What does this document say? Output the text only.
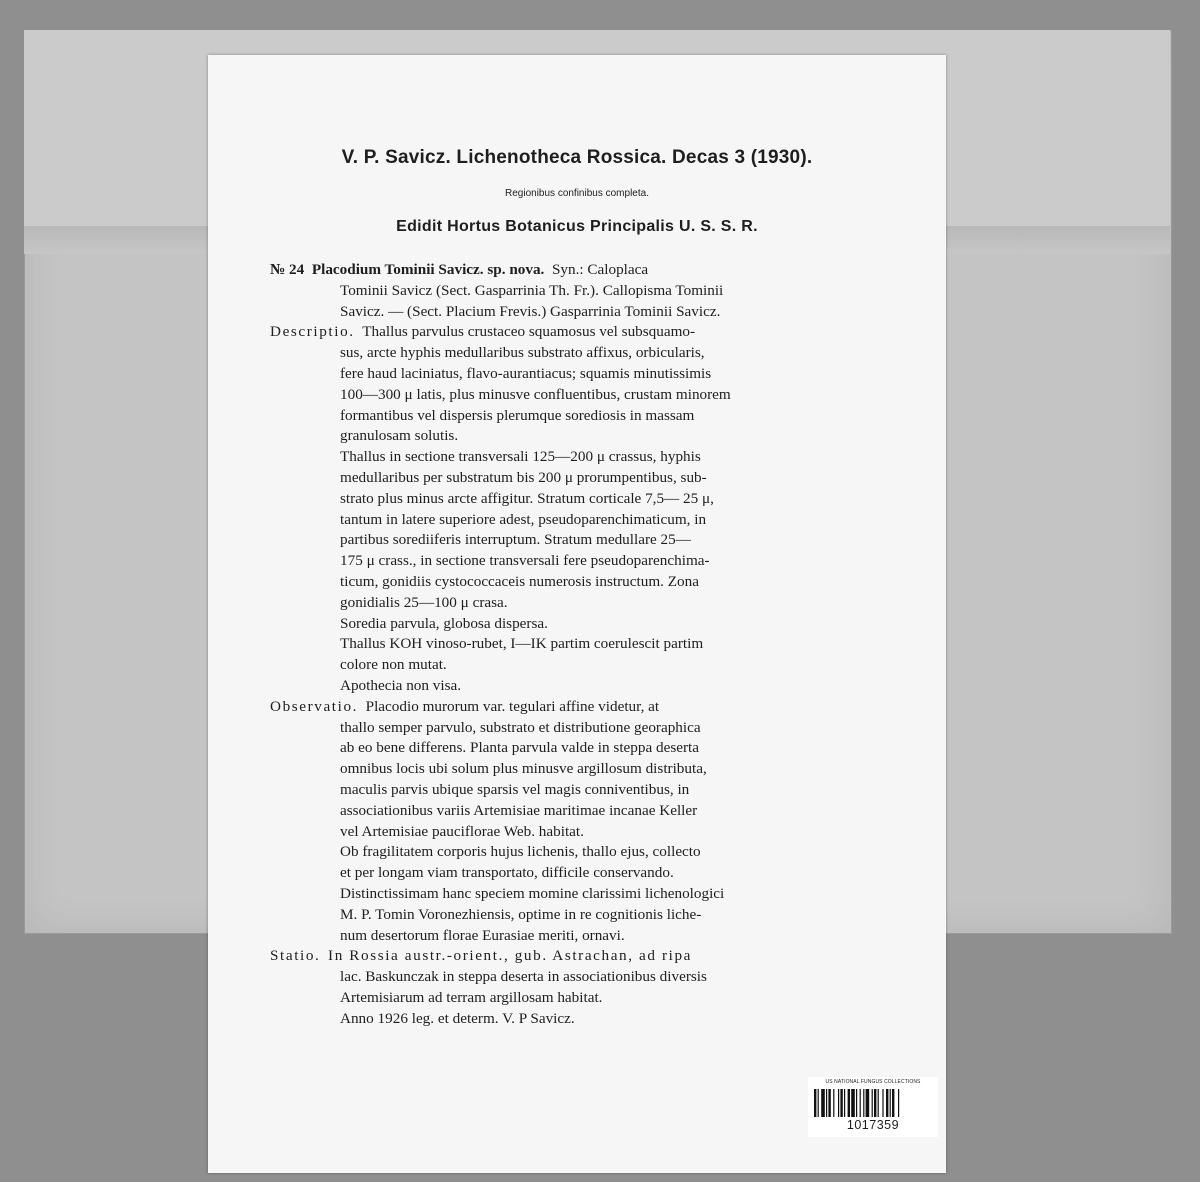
V. P. Savicz. Lichenotheca Rossica. Decas 3 (1930).
Regionibus confinibus completa.
Edidit Hortus Botanicus Principalis U. S. S. R.
№ 24 Placodium Tominii Savicz. sp. nova. Syn.: Caloplaca
Tominii Savicz (Sect. Gasparrinia Th. Fr.). Callopisma Tominii
Savicz. — (Sect. Placium Frevis.) Gasparrinia Tominii Savicz.
Descriptio. Thallus parvulus crustaceo squamosus vel subsquamo-
sus, arcte hyphis medullaribus substrato affixus, orbicularis,
fere haud laciniatus, flavo-aurantiacus; squamis minutissimis
100—300 μ latis, plus minusve confluentibus, crustam minorem
formantibus vel dispersis plerumque sorediosis in massam
granulosam solutis.
Thallus in sectione transversali 125—200 μ crassus, hyphis
medullaribus per substratum bis 200 μ prorumpentibus, sub-
strato plus minus arcte affigitur. Stratum corticale 7,5— 25 μ,
tantum in latere superiore adest, pseudoparenchimaticum, in
partibus sorediiferis interruptum. Stratum medullare 25—
175 μ crass., in sectione transversali fere pseudoparenchima-
ticum, gonidiis cystococcaceis numerosis instructum. Zona
gonidialis 25—100 μ crasa.
Soredia parvula, globosa dispersa.
Thallus KOH vinoso-rubet, I—IK partim coerulescit partim
colore non mutat.
Apothecia non visa.
Observatio. Placodio murorum var. tegulari affine videtur, at
thallo semper parvulo, substrato et distributione georaphica
ab eo bene differens. Planta parvula valde in steppa deserta
omnibus locis ubi solum plus minusve argillosum distributa,
maculis parvis ubique sparsis vel magis conniventibus, in
associationibus variis Artemisiae maritimae incanae Keller
vel Artemisiae pauciflorae Web. habitat.
Ob fragilitatem corporis hujus lichenis, thallo ejus, collecto
et per longam viam transportato, difficile conservando.
Distinctissimam hanc speciem momine clarissimi lichenologici
M. P. Tomin Voronezhiensis, optime in re cognitionis liche-
num desertorum florae Eurasiae meriti, ornavi.
Statio. In Rossia austr.-orient., gub. Astrachan, ad ripa
lac. Baskunczak in steppa deserta in associationibus diversis
Artemisiarum ad terram argillosam habitat.
Anno 1926 leg. et determ. V. P Savicz.
US NATIONAL FUNGUS COLLECTIONS
1017359
